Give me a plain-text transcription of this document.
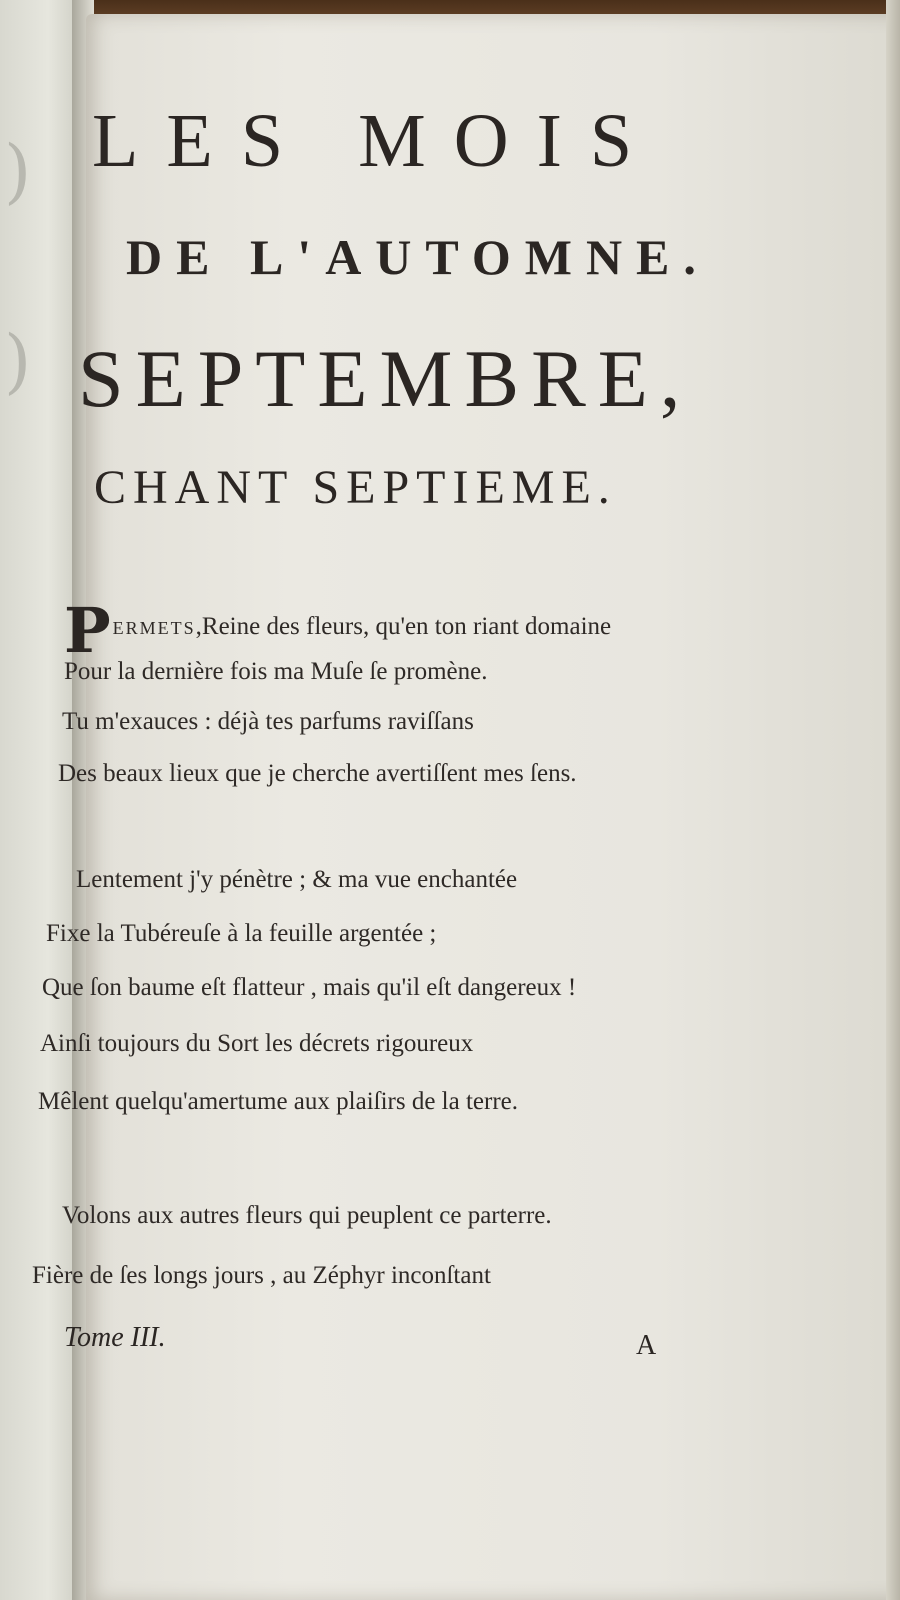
)
)
LES MOIS
DE L'AUTOMNE.
SEPTEMBRE,
CHANT SEPTIEME.
PERMETS,Reine des fleurs, qu'en ton riant domaine
Pour la dernière fois ma Muſe ſe promène.
Tu m'exauces : déjà tes parfums raviſſans
Des beaux lieux que je cherche avertiſſent mes ſens.
Lentement j'y pénètre ; & ma vue enchantée
Fixe la Tubéreuſe à la feuille argentée ;
Que ſon baume eſt flatteur , mais qu'il eſt dangereux !
Ainſi toujours du Sort les décrets rigoureux
Mêlent quelqu'amertume aux plaiſirs de la terre.
Volons aux autres fleurs qui peuplent ce parterre.
Fière de ſes longs jours , au Zéphyr inconſtant
Tome III.	A
